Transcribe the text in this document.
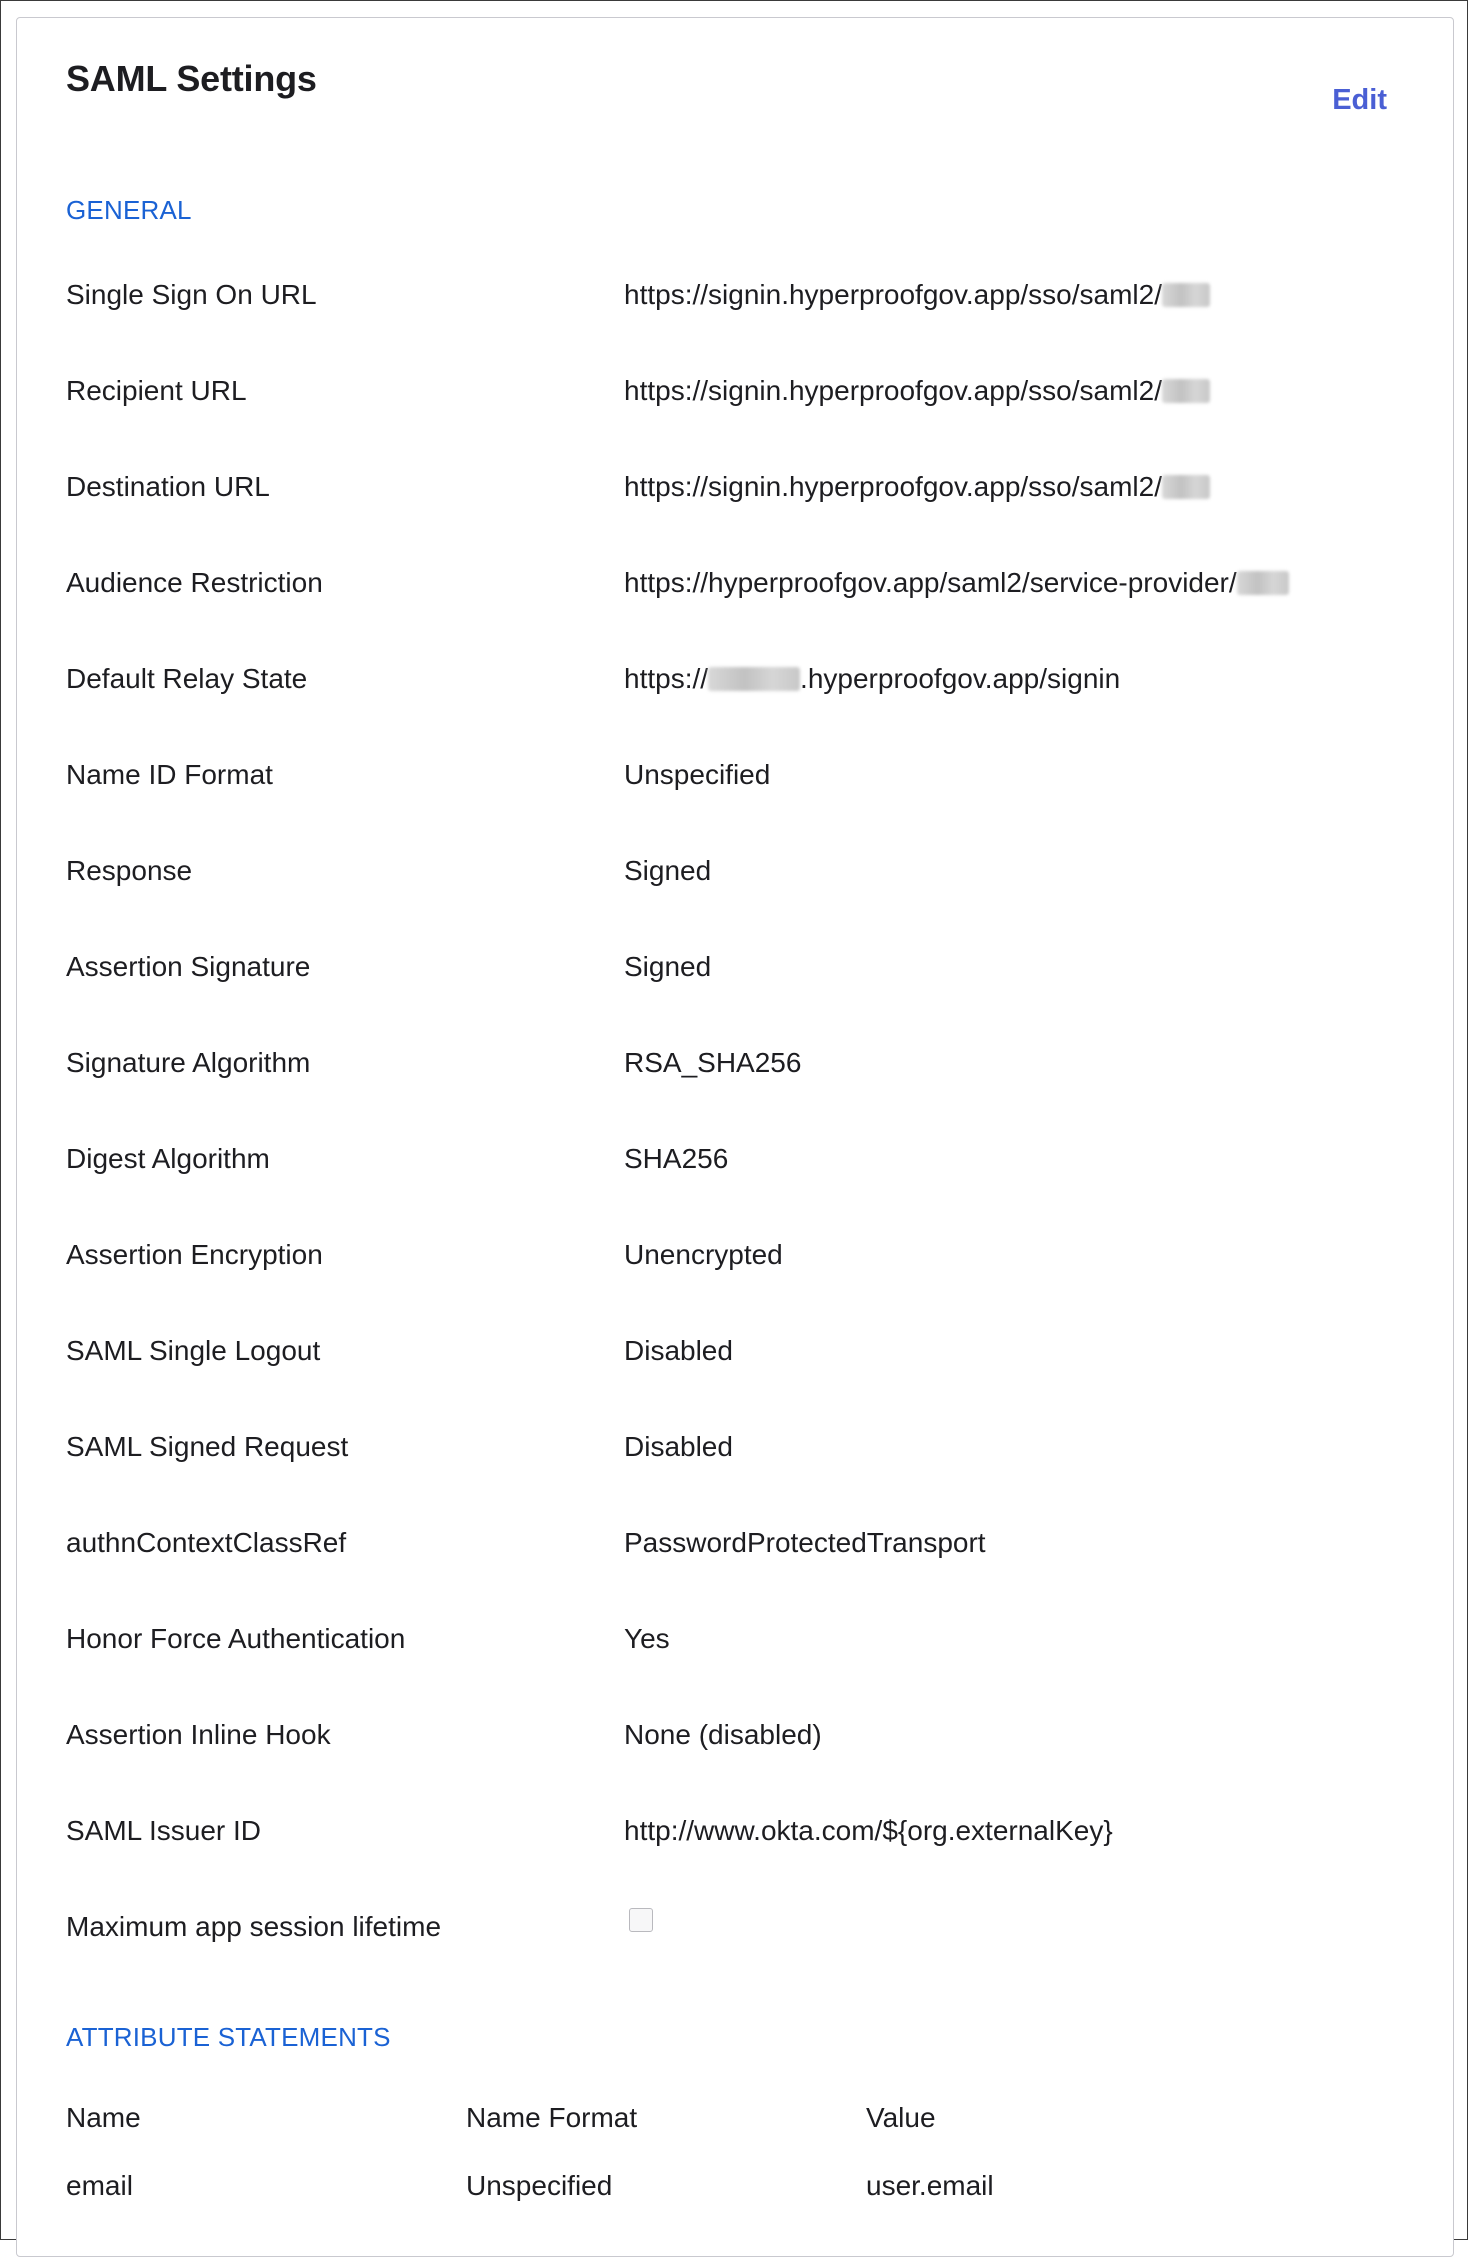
SAML Settings
Edit
GENERAL
Single Sign On URL	https://signin.hyperproofgov.app/sso/saml2/
Recipient URL	https://signin.hyperproofgov.app/sso/saml2/
Destination URL	https://signin.hyperproofgov.app/sso/saml2/
Audience Restriction	https://hyperproofgov.app/saml2/service-provider/
Default Relay State	https://	.hyperproofgov.app/signin
Name ID Format	Unspecified
Response	Signed
Assertion Signature	Signed
Signature Algorithm	RSA_SHA256
Digest Algorithm	SHA256
Assertion Encryption	Unencrypted
SAML Single Logout	Disabled
SAML Signed Request	Disabled
authnContextClassRef	PasswordProtectedTransport
Honor Force Authentication	Yes
Assertion Inline Hook	None (disabled)
SAML Issuer ID	http://www.okta.com/${org.externalKey}
Maximum app session lifetime
ATTRIBUTE STATEMENTS
Name	Name Format	Value
email	Unspecified	user.email
